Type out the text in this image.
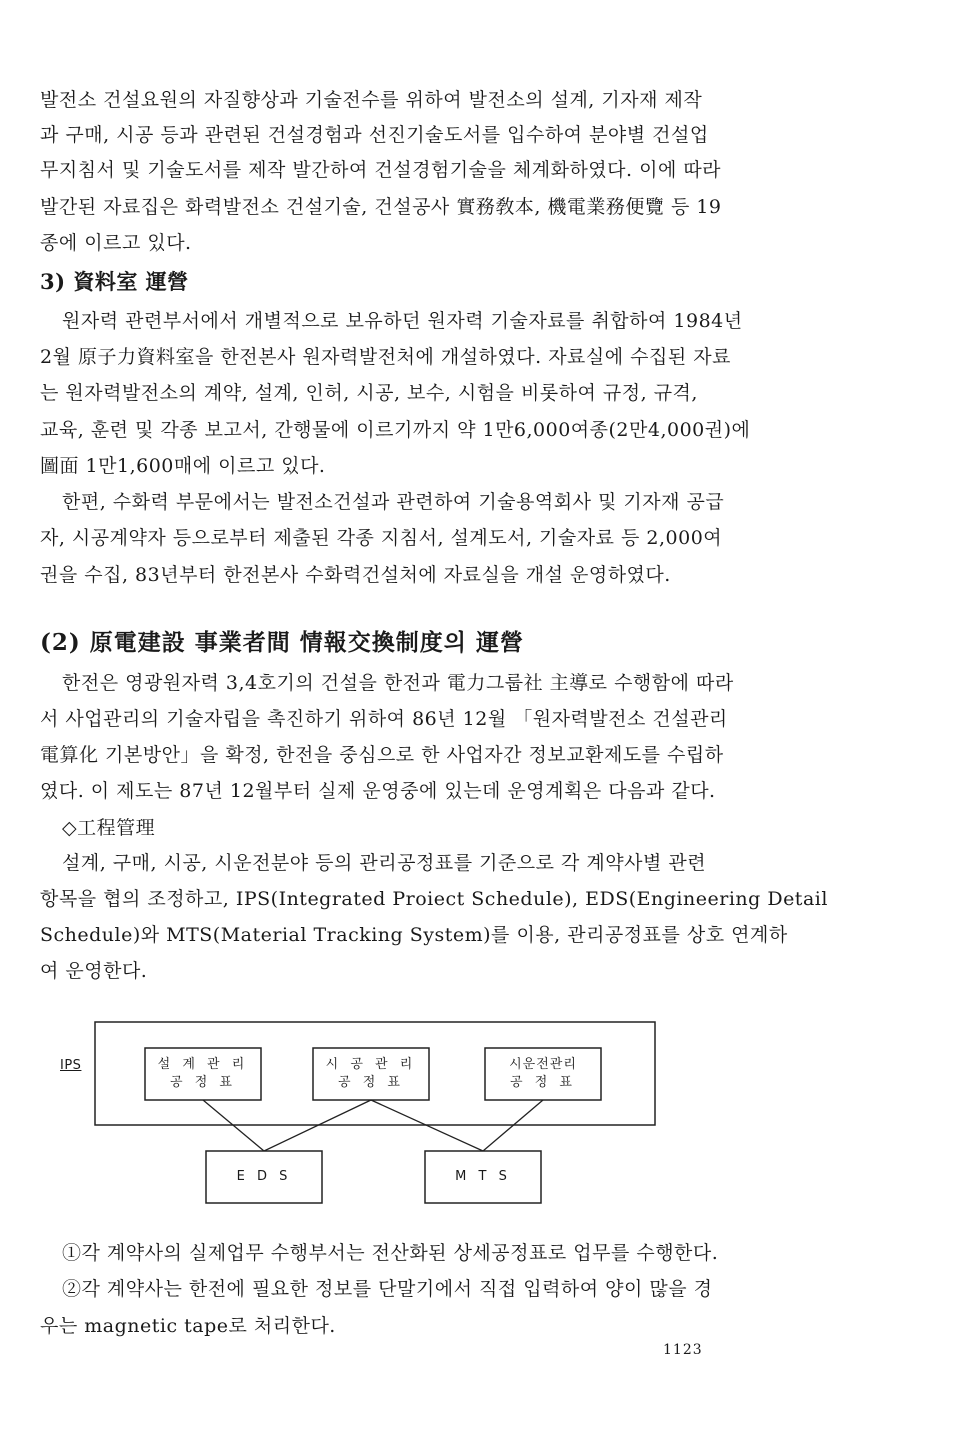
발전소 건설요원의 자질향상과 기술전수를 위하여 발전소의 설계, 기자재 제작
과 구매, 시공 등과 관련된 건설경험과 선진기술도서를 입수하여 분야별 건설업
무지침서 및 기술도서를 제작 발간하여 건설경험기술을 체계화하였다. 이에 따라
발간된 자료집은 화력발전소 건설기술, 건설공사 實務敎本, 機電業務便覽 등 19
종에 이르고 있다.
3) 資料室 運營
원자력 관련부서에서 개별적으로 보유하던 원자력 기술자료를 취합하여 1984년
2월 原子力資料室을 한전본사 원자력발전처에 개설하였다. 자료실에 수집된 자료
는 원자력발전소의 계약, 설계, 인허, 시공, 보수, 시험을 비롯하여 규정, 규격,
교육, 훈련 및 각종 보고서, 간행물에 이르기까지 약 1만6,000여종(2만4,000권)에
圖面 1만1,600매에 이르고 있다.
한편, 수화력 부문에서는 발전소건설과 관련하여 기술용역회사 및 기자재 공급
자, 시공계약자 등으로부터 제출된 각종 지침서, 설계도서, 기술자료 등 2,000여
권을 수집, 83년부터 한전본사 수화력건설처에 자료실을 개설 운영하였다.
(2) 原電建設 事業者間 情報交換制度의 運營
한전은 영광원자력 3,4호기의 건설을 한전과 電力그룹社 主導로 수행함에 따라
서 사업관리의 기술자립을 촉진하기 위하여 86년 12월 「원자력발전소 건설관리
電算化 기본방안」을 확정, 한전을 중심으로 한 사업자간 정보교환제도를 수립하
였다. 이 제도는 87년 12월부터 실제 운영중에 있는데 운영계획은 다음과 같다.
◇工程管理
설계, 구매, 시공, 시운전분야 등의 관리공정표를 기준으로 각 계약사별 관련
항목을 협의 조정하고, IPS(Integrated Proiect Schedule), EDS(Engineering Detail
Schedule)와 MTS(Material Tracking System)를 이용, 관리공정표를 상호 연계하
여 운영한다.
IPS	설 계 관 리
공 정 표
시 공 관 리
공 정 표
시운전관리
공 정 표
E D S	M T S
①각 계약사의 실제업무 수행부서는 전산화된 상세공정표로 업무를 수행한다.
②각 계약사는 한전에 필요한 정보를 단말기에서 직접 입력하여 양이 많을 경
우는 magnetic tape로 처리한다.
1123
